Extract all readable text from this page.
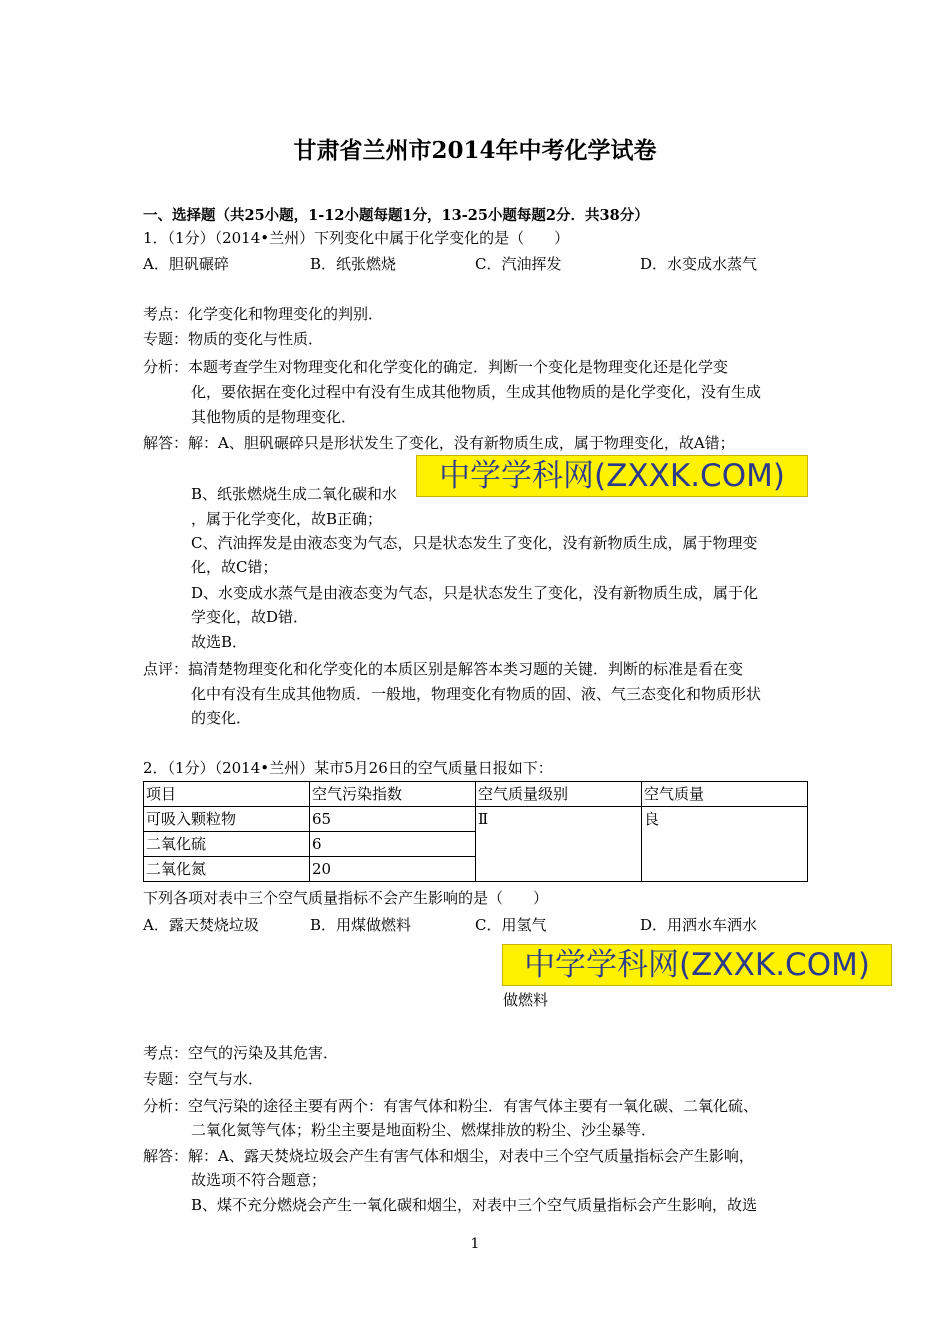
甘肃省兰州市2014年中考化学试卷
一、选择题（共25小题，1-12小题每题1分，13-25小题每题2分．共38分）
1．（1分）（2014•兰州）下列变化中属于化学变化的是（　　）
A．胆矾碾碎	B．纸张燃烧	C．汽油挥发	D．水变成水蒸气
考点：化学变化和物理变化的判别．
专题：物质的变化与性质．
分析：本题考查学生对物理变化和化学变化的确定．判断一个变化是物理变化还是化学变
化，要依据在变化过程中有没有生成其他物质，生成其他物质的是化学变化，没有生成
其他物质的是物理变化．
解答：解：A、胆矾碾碎只是形状发生了变化，没有新物质生成，属于物理变化，故A错；
B、纸张燃烧生成二氧化碳和水	中学学科网(ZXXK.COM)
，属于化学变化，故B正确；
C、汽油挥发是由液态变为气态，只是状态发生了变化，没有新物质生成，属于物理变
化，故C错；
D、水变成水蒸气是由液态变为气态，只是状态发生了变化，没有新物质生成，属于化
学变化，故D错．
故选B．
点评：搞清楚物理变化和化学变化的本质区别是解答本类习题的关键．判断的标准是看在变
化中有没有生成其他物质．一般地，物理变化有物质的固、液、气三态变化和物质形状
的变化．
2．（1分）（2014•兰州）某市5月26日的空气质量日报如下：
项目	空气污染指数	空气质量级别	空气质量
可吸入颗粒物	65	Ⅱ	良
二氧化硫	6		
二氧化氮	20		
下列各项对表中三个空气质量指标不会产生影响的是（　　）
A．露天焚烧垃圾	B．用煤做燃料	C．用氢气	D．用洒水车洒水
中学学科网(ZXXK.COM)
做燃料
考点：空气的污染及其危害．
专题：空气与水．
分析：空气污染的途径主要有两个：有害气体和粉尘．有害气体主要有一氧化碳、二氧化硫、
二氧化氮等气体；粉尘主要是地面粉尘、燃煤排放的粉尘、沙尘暴等．
解答：解：A、露天焚烧垃圾会产生有害气体和烟尘，对表中三个空气质量指标会产生影响，
故选项不符合题意；
B、煤不充分燃烧会产生一氧化碳和烟尘，对表中三个空气质量指标会产生影响，故选
1
